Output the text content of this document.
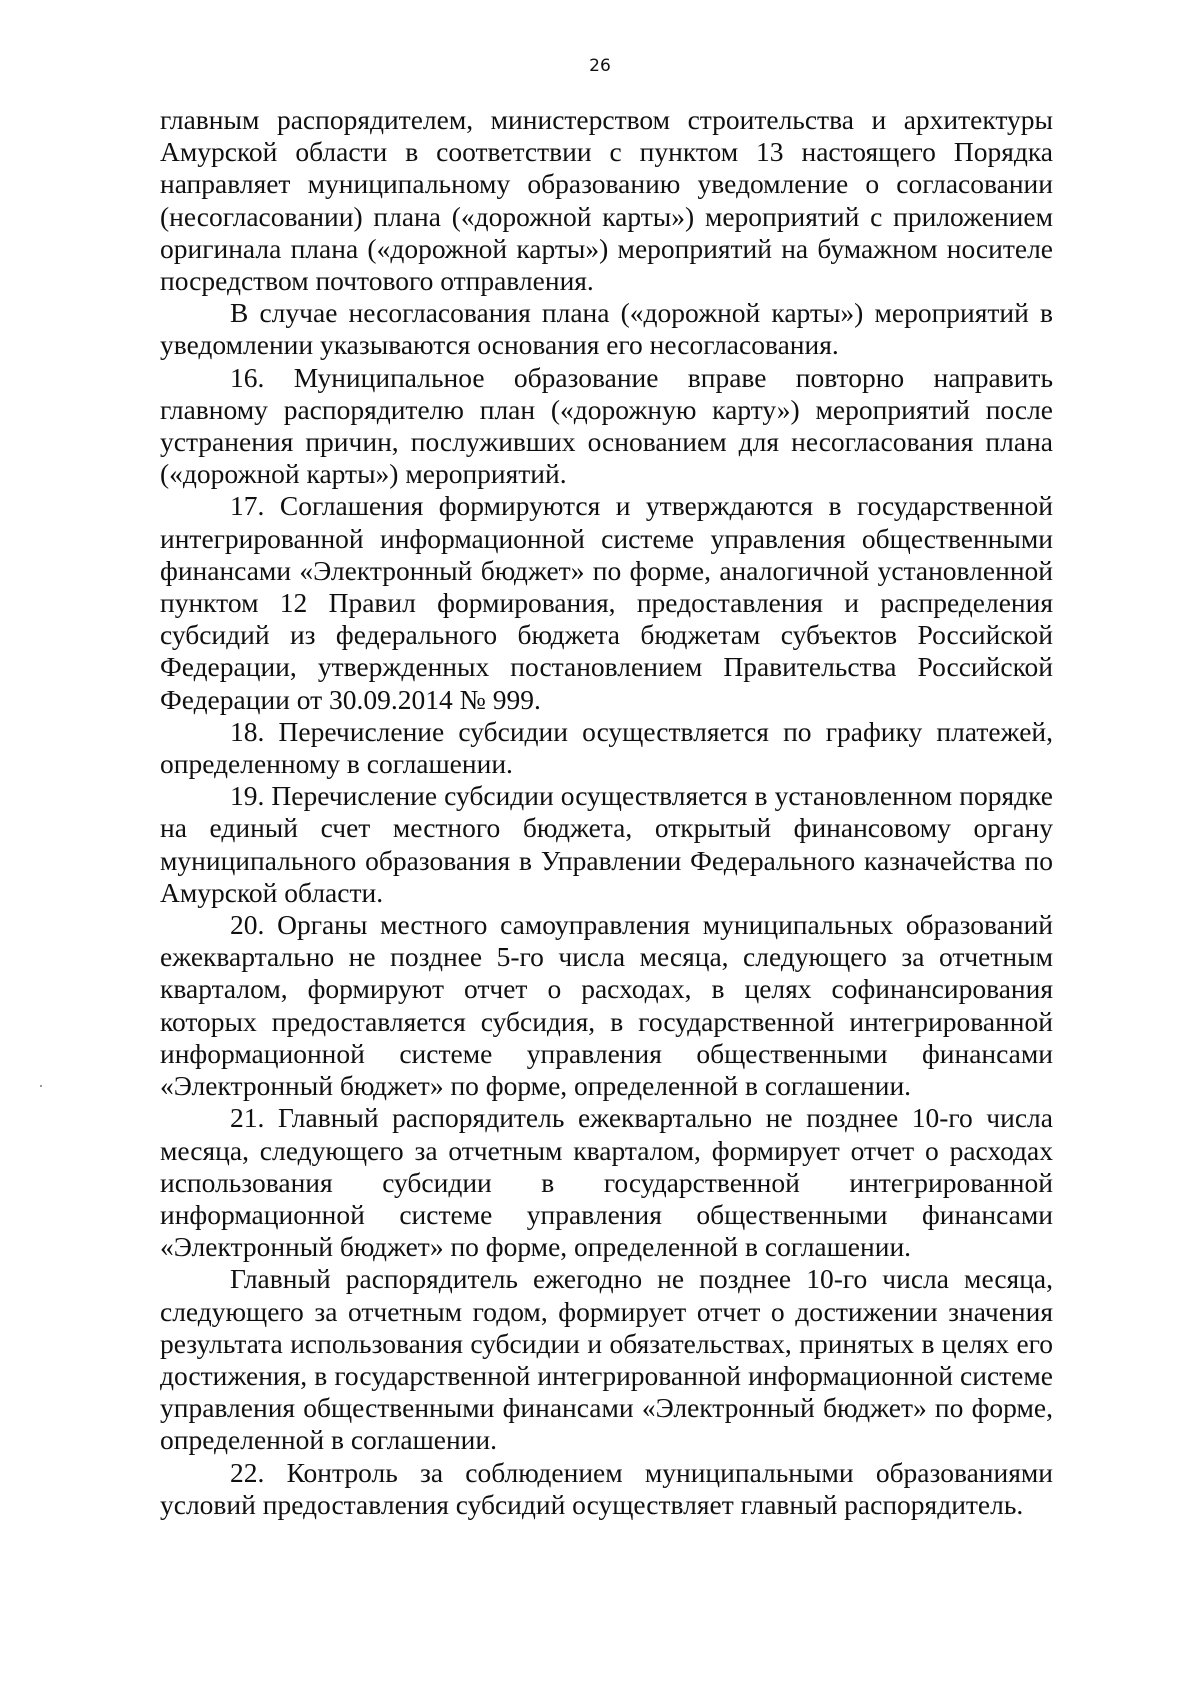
26

главным распорядителем, министерством строительства и архитектуры Амурской области в соответствии с пунктом 13 настоящего Порядка направляет муниципальному образованию уведомление о согласовании (несогласовании) плана («дорожной карты») мероприятий с приложением оригинала плана («дорожной карты») мероприятий на бумажном носителе посредством почтового отправления.

В случае несогласования плана («дорожной карты») мероприятий в уведомлении указываются основания его несогласования.

16. Муниципальное образование вправе повторно направить главному распорядителю план («дорожную карту») мероприятий после устранения причин, послуживших основанием для несогласования плана («дорожной карты») мероприятий.

17. Соглашения формируются и утверждаются в государственной интегрированной информационной системе управления общественными финансами «Электронный бюджет» по форме, аналогичной установленной пунктом 12 Правил формирования, предоставления и распределения субсидий из федерального бюджета бюджетам субъектов Российской Федерации, утвержденных постановлением Правительства Российской Федерации от 30.09.2014 № 999.

18. Перечисление субсидии осуществляется по графику платежей, определенному в соглашении.

19. Перечисление субсидии осуществляется в установленном порядке на единый счет местного бюджета, открытый финансовому органу муниципального образования в Управлении Федерального казначейства по Амурской области.

20. Органы местного самоуправления муниципальных образований ежеквартально не позднее 5-го числа месяца, следующего за отчетным кварталом, формируют отчет о расходах, в целях софинансирования которых предоставляется субсидия, в государственной интегрированной информационной системе управления общественными финансами «Электронный бюджет» по форме, определенной в соглашении.

21. Главный распорядитель ежеквартально не позднее 10-го числа месяца, следующего за отчетным кварталом, формирует отчет о расходах использования субсидии в государственной интегрированной информационной системе управления общественными финансами «Электронный бюджет» по форме, определенной в соглашении.

Главный распорядитель ежегодно не позднее 10-го числа месяца, следующего за отчетным годом, формирует отчет о достижении значения результата использования субсидии и обязательствах, принятых в целях его достижения, в государственной интегрированной информационной системе управления общественными финансами «Электронный бюджет» по форме, определенной в соглашении.

22. Контроль за соблюдением муниципальными образованиями условий предоставления субсидий осуществляет главный распорядитель.
